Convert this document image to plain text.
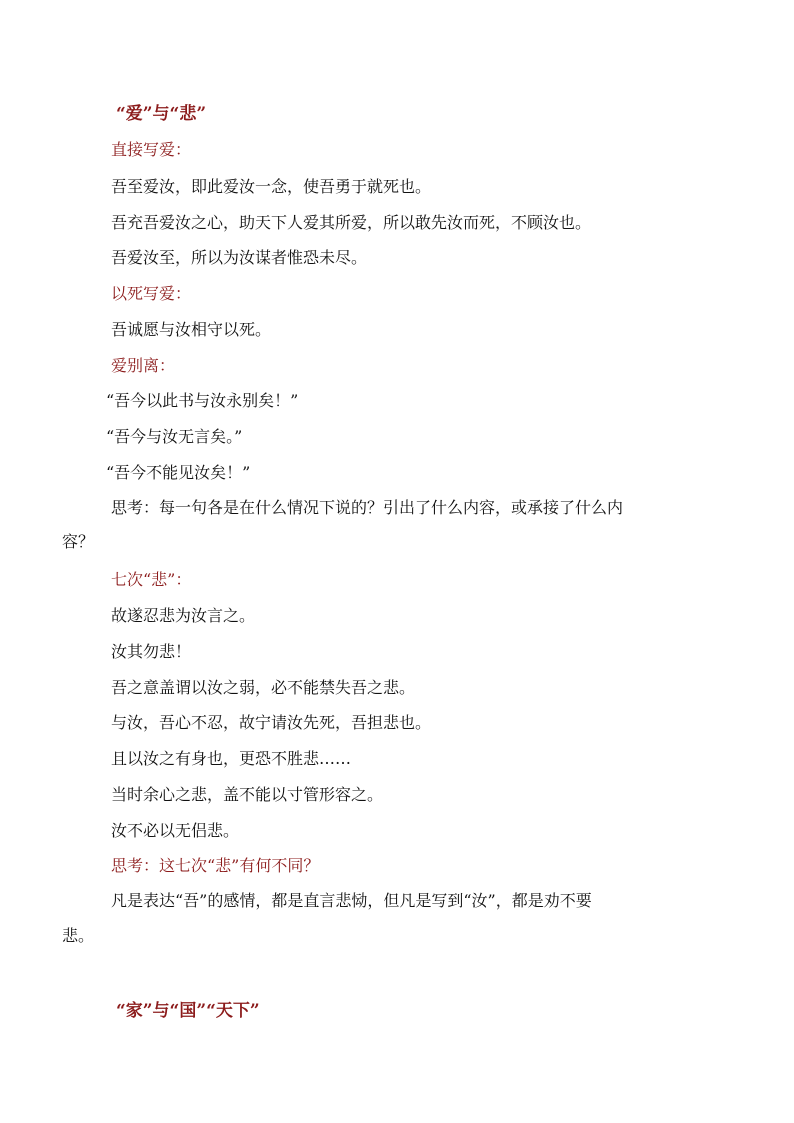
“爱”与“悲”
直接写爱：
吾至爱汝，即此爱汝一念，使吾勇于就死也。
吾充吾爱汝之心，助天下人爱其所爱，所以敢先汝而死，不顾汝也。
吾爱汝至，所以为汝谋者惟恐未尽。
以死写爱：
吾诚愿与汝相守以死。
爱别离：
“吾今以此书与汝永别矣！”
“吾今与汝无言矣。”
“吾今不能见汝矣！”
思考：每一句各是在什么情况下说的？引出了什么内容，或承接了什么内
容？
七次“悲”：
故遂忍悲为汝言之。
汝其勿悲！
吾之意盖谓以汝之弱，必不能禁失吾之悲。
与汝，吾心不忍，故宁请汝先死，吾担悲也。
且以汝之有身也，更恐不胜悲……
当时余心之悲，盖不能以寸管形容之。
汝不必以无侣悲。
思考：这七次“悲”有何不同？
凡是表达“吾”的感情，都是直言悲恸，但凡是写到“汝”，都是劝不要
悲。
“家”与“国”“天下”
